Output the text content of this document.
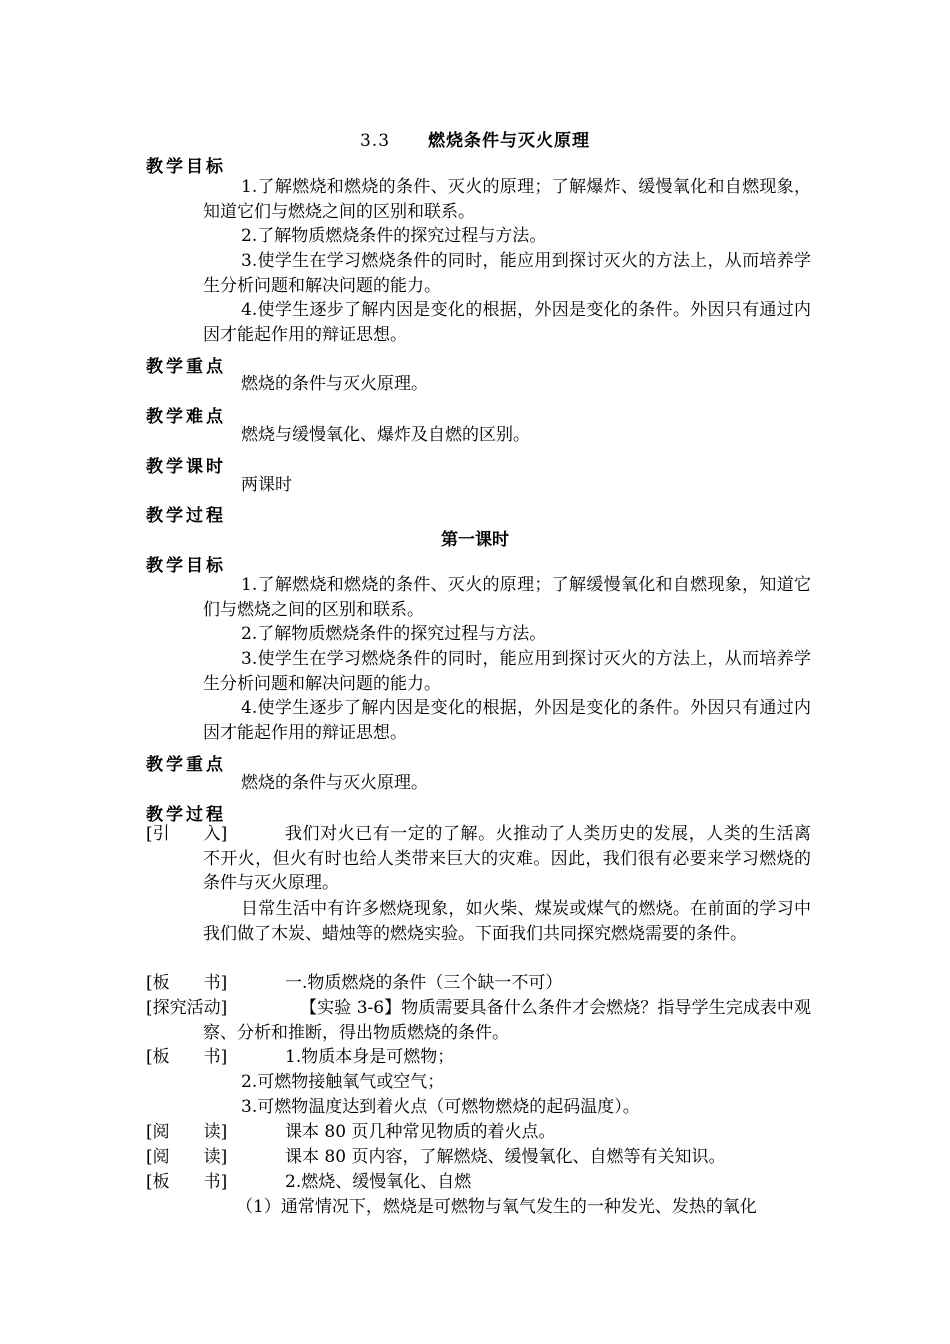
3.3 燃烧条件与灭火原理
教学目标
1.了解燃烧和燃烧的条件、灭火的原理；了解爆炸、缓慢氧化和自燃现象，知道它们与燃烧之间的区别和联系。
2.了解物质燃烧条件的探究过程与方法。
3.使学生在学习燃烧条件的同时，能应用到探讨灭火的方法上，从而培养学生分析问题和解决问题的能力。
4.使学生逐步了解内因是变化的根据，外因是变化的条件。外因只有通过内因才能起作用的辩证思想。
教学重点
燃烧的条件与灭火原理。
教学难点
燃烧与缓慢氧化、爆炸及自燃的区别。
教学课时
两课时
教学过程
第一课时
教学目标
1.了解燃烧和燃烧的条件、灭火的原理；了解缓慢氧化和自燃现象，知道它们与燃烧之间的区别和联系。
2.了解物质燃烧条件的探究过程与方法。
3.使学生在学习燃烧条件的同时，能应用到探讨灭火的方法上，从而培养学生分析问题和解决问题的能力。
4.使学生逐步了解内因是变化的根据，外因是变化的条件。外因只有通过内因才能起作用的辩证思想。
教学重点
燃烧的条件与灭火原理。
教学过程
[引　　入]	我们对火已有一定的了解。火推动了人类历史的发展，人类的生活离不开火，但火有时也给人类带来巨大的灾难。因此，我们很有必要来学习燃烧的条件与灭火原理。
日常生活中有许多燃烧现象，如火柴、煤炭或煤气的燃烧。在前面的学习中我们做了木炭、蜡烛等的燃烧实验。下面我们共同探究燃烧需要的条件。
[板　　书]	一.物质燃烧的条件（三个缺一不可）
[探究活动]	【实验 3-6】物质需要具备什么条件才会燃烧？指导学生完成表中观察、分析和推断，得出物质燃烧的条件。
[板　　书]	1.物质本身是可燃物；
2.可燃物接触氧气或空气；
3.可燃物温度达到着火点（可燃物燃烧的起码温度）。
[阅　　读]	课本 80 页几种常见物质的着火点。
[阅　　读]	课本 80 页内容，了解燃烧、缓慢氧化、自燃等有关知识。
[板　　书]	2.燃烧、缓慢氧化、自燃
（1）通常情况下，燃烧是可燃物与氧气发生的一种发光、发热的氧化
